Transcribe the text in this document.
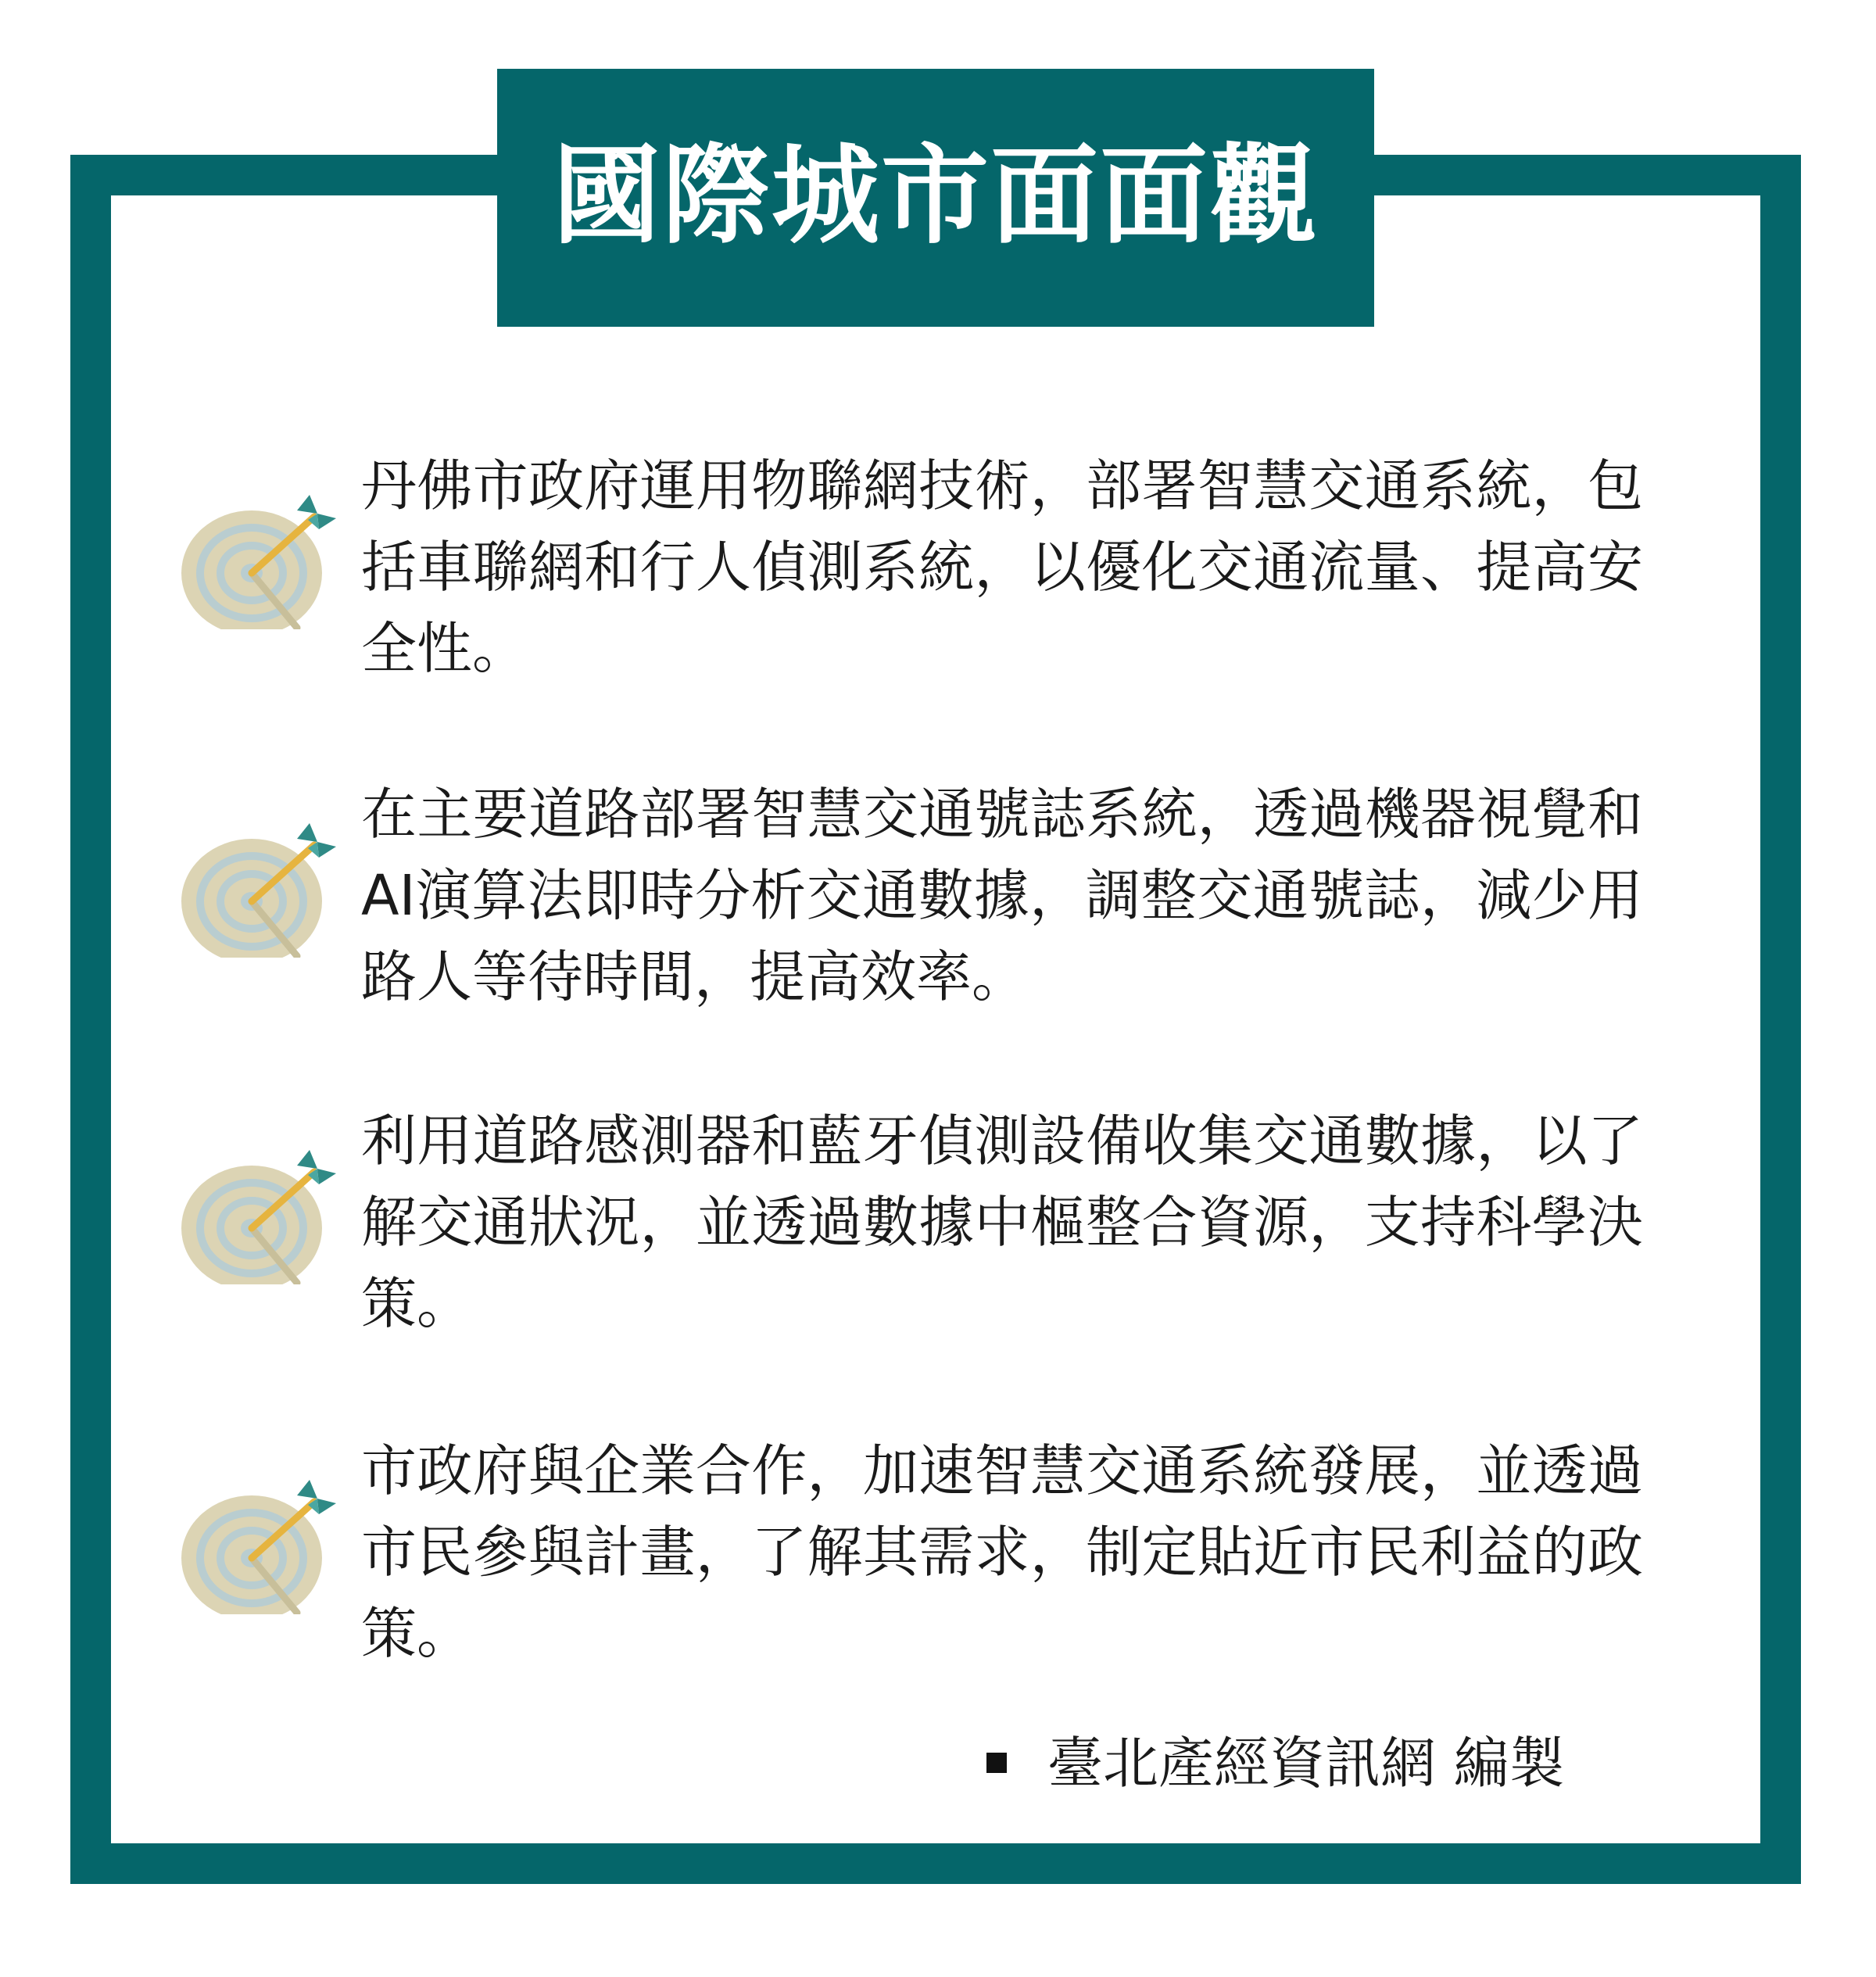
國際城市面面觀

丹佛市政府運用物聯網技術，部署智慧交通系統，包括車聯網和行人偵測系統，以優化交通流量、提高安全性。

在主要道路部署智慧交通號誌系統，透過機器視覺和AI演算法即時分析交通數據，調整交通號誌，減少用路人等待時間，提高效率。

利用道路感測器和藍牙偵測設備收集交通數據，以了解交通狀況，並透過數據中樞整合資源，支持科學決策。

市政府與企業合作，加速智慧交通系統發展，並透過市民參與計畫，了解其需求，制定貼近市民利益的政策。

臺北產經資訊網 編製
